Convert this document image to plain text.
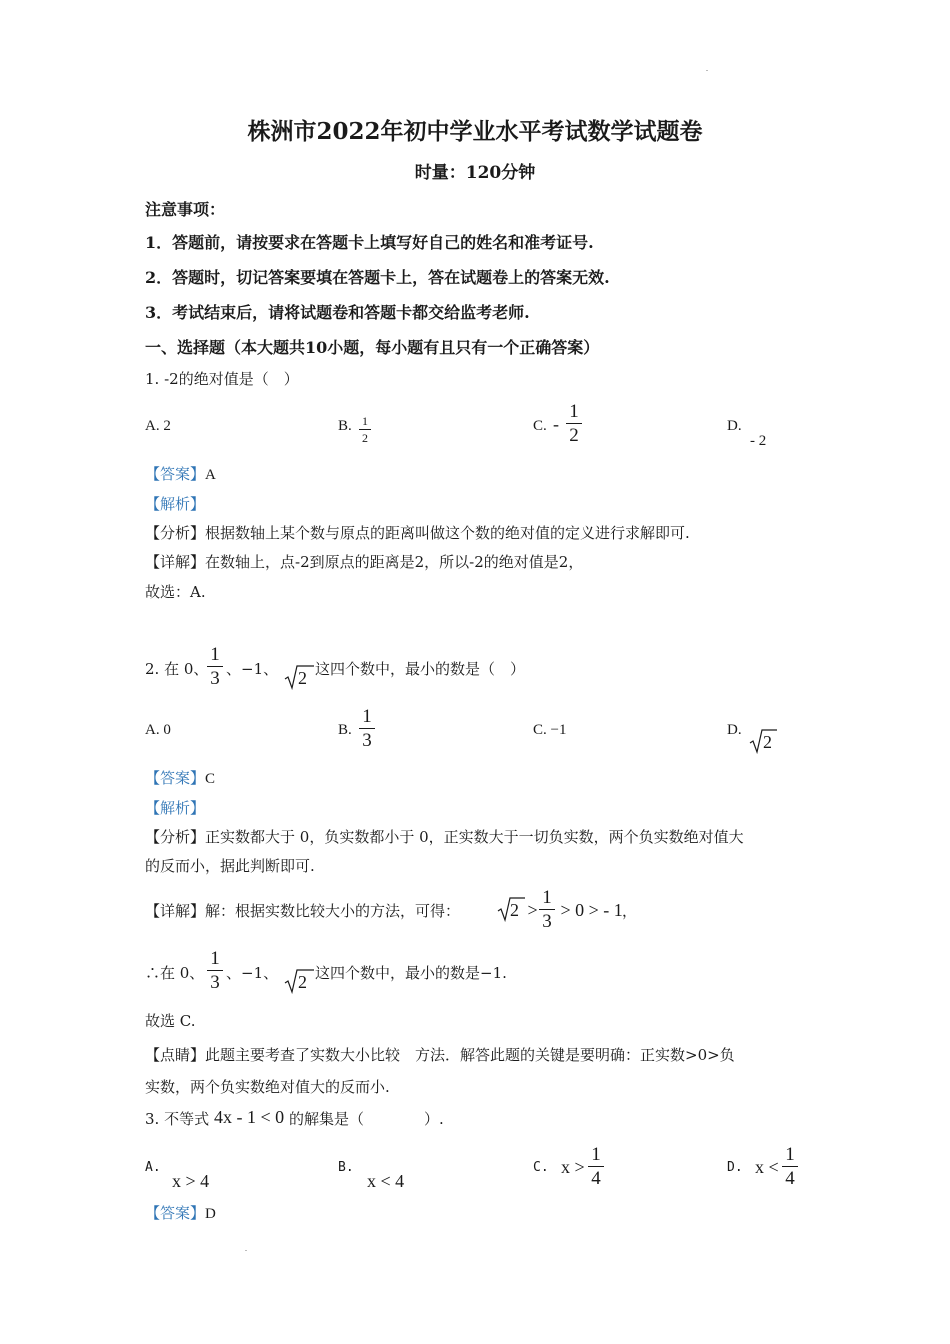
株洲市2022年初中学业水平考试数学试题卷
时量：120分钟
注意事项：
1．答题前，请按要求在答题卡上填写好自己的姓名和准考证号.
2．答题时，切记答案要填在答题卡上，答在试题卷上的答案无效.
3．考试结束后，请将试题卷和答题卡都交给监考老师.
一、选择题（本大题共10小题，每小题有且只有一个正确答案）
1. -2的绝对值是（　）
A. 2	B. 1
2
C. -
1
2	D.
- 2
【答案】A
【解析】
【分析】根据数轴上某个数与原点的距离叫做这个数的绝对值的定义进行求解即可.
【详解】在数轴上，点-2到原点的距离是2，所以-2的绝对值是2，
故选：A.
2. 在 0、
1
3 、−1、 2 这四个数中，最小的数是（　）
A. 0	B.
1
3	C. −1	D.
2
【答案】C
【解析】
【分析】正实数都大于 0，负实数都小于 0，正实数大于一切负实数，两个负实数绝对值大
的反而小，据此判断即可.
【详解】解：根据实数比较大小的方法，可得：	2 >
1
3
> 0 > - 1 ，
∴在 0、
1
3 、−1、 2 这四个数中，最小的数是−1.
故选 C.
【点睛】此题主要考查了实数大小比较　方法．解答此题的关键是要明确：正实数>0>负
实数，两个负实数绝对值大的反而小.
3. 不等式 4x - 1 < 0 的解集是（　　　　）.
A.
x > 4
B.
x < 4
C. x >
1
4
D. x <
1
4
【答案】D
